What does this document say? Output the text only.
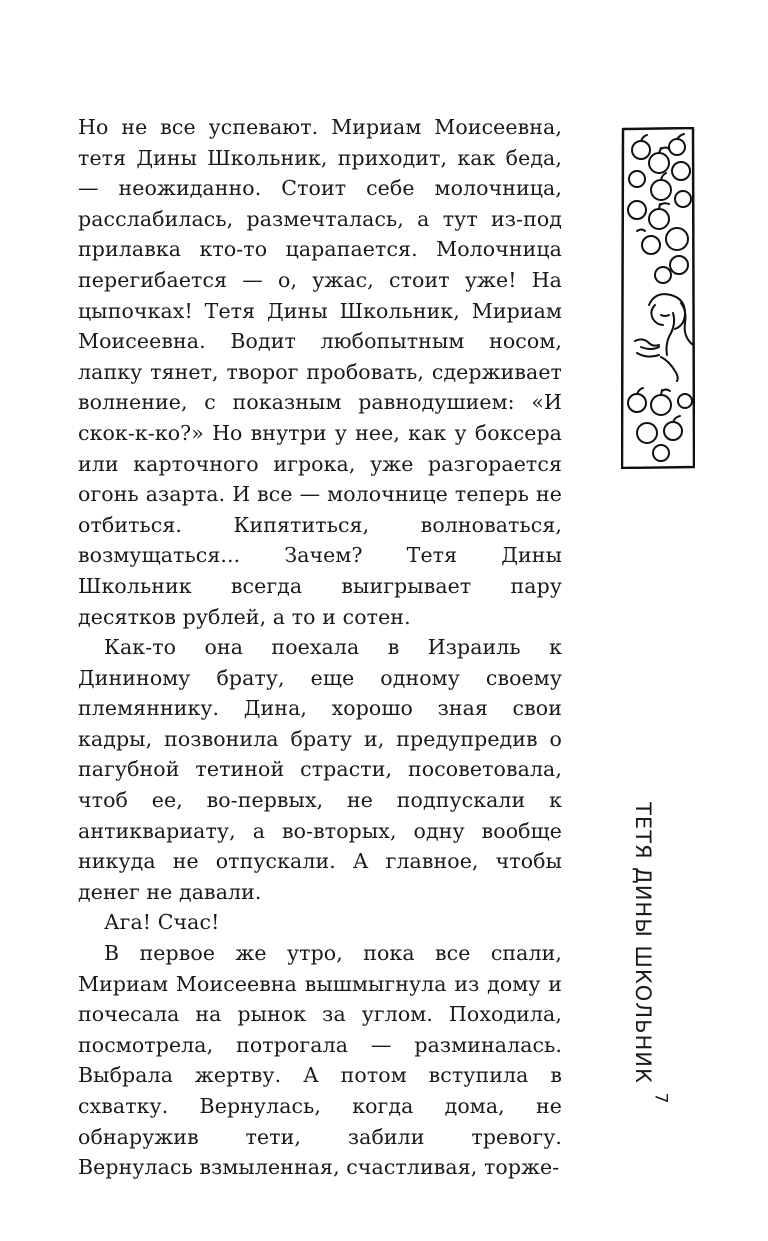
Но не все успевают. Мириам Моисеевна, тетя Дины Школьник, приходит, как беда,— неожиданно. Стоит себе молочница, расслабилась, размечталась, а тут из-под прилавка кто-то царапается. Молочница перегибается — о, ужас, стоит уже! На цыпочках! Тетя Дины Школьник, Мириам Моисеевна. Водит любопытным носом, лапку тянет, творог пробовать, сдерживает волнение, с показным равнодушием: «И скок-к-ко?» Но внутри у нее, как у боксера или карточного игрока, уже разгорается огонь азарта. И все — молочнице теперь не отбиться. Кипятиться, волноваться, возмущаться... Зачем? Тетя Дины Школьник всегда выигрывает пару десятков рублей, а то и сотен.

Как-то она поехала в Израиль к Дининому брату, еще одному своему племяннику. Дина, хорошо зная свои кадры, позвонила брату и, предупредив о пагубной тетиной страсти, посоветовала, чтоб ее, во-первых, не подпускали к антиквариату, а во-вторых, одну вообще никуда не отпускали. А главное, чтобы денег не давали.

Ага! Счас!

В первое же утро, пока все спали, Мириам Моисеевна вышмыгнула из дому и почесала на рынок за углом. Походила, посмотрела, потрогала — разминалась. Выбрала жертву. А потом вступила в схватку. Вернулась, когда дома, не обнаружив тети, забили тревогу. Вернулась взмыленная, счастливая, торже-

ТЕТЯ ДИНЫ ШКОЛЬНИК
7
